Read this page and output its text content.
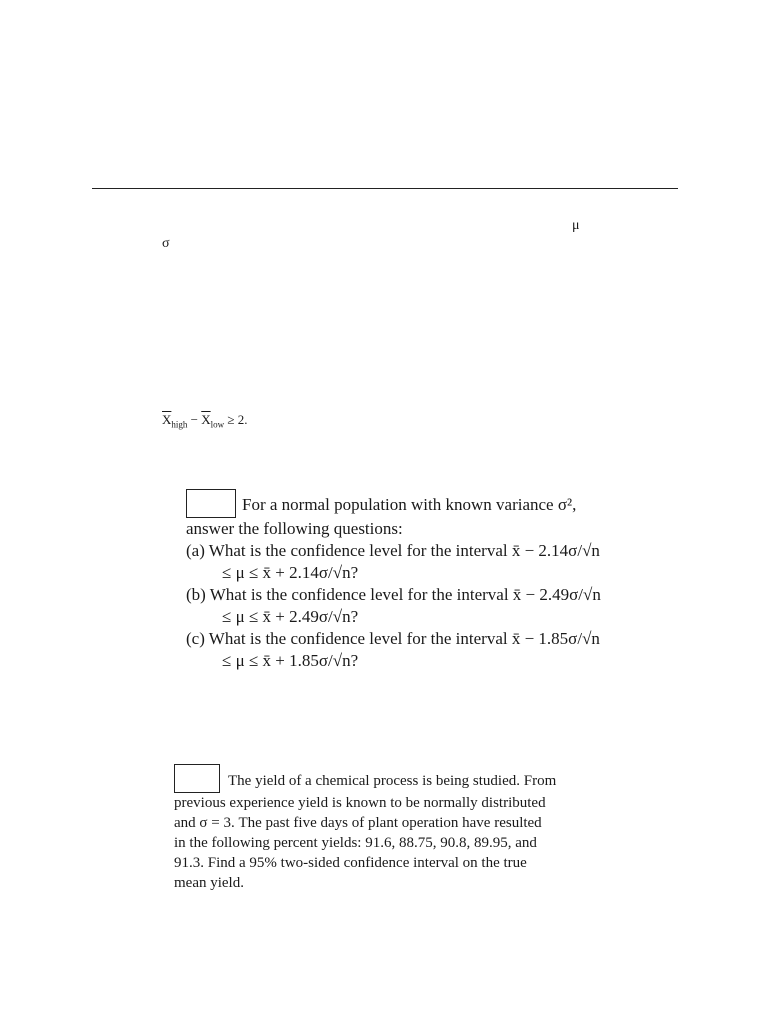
μ
σ
$\overline{X}_{high} - \overline{X}_{low} \ge 2$.
For a normal population with known variance σ²,
answer the following questions:
(a) What is the confidence level for the interval x̄ − 2.14σ/√n
≤ μ ≤ x̄ + 2.14σ/√n?
(b) What is the confidence level for the interval x̄ − 2.49σ/√n
≤ μ ≤ x̄ + 2.49σ/√n?
(c) What is the confidence level for the interval x̄ − 1.85σ/√n
≤ μ ≤ x̄ + 1.85σ/√n?
The yield of a chemical process is being studied. From
previous experience yield is known to be normally distributed
and σ = 3. The past five days of plant operation have resulted
in the following percent yields: 91.6, 88.75, 90.8, 89.95, and
91.3. Find a 95% two-sided confidence interval on the true
mean yield.
